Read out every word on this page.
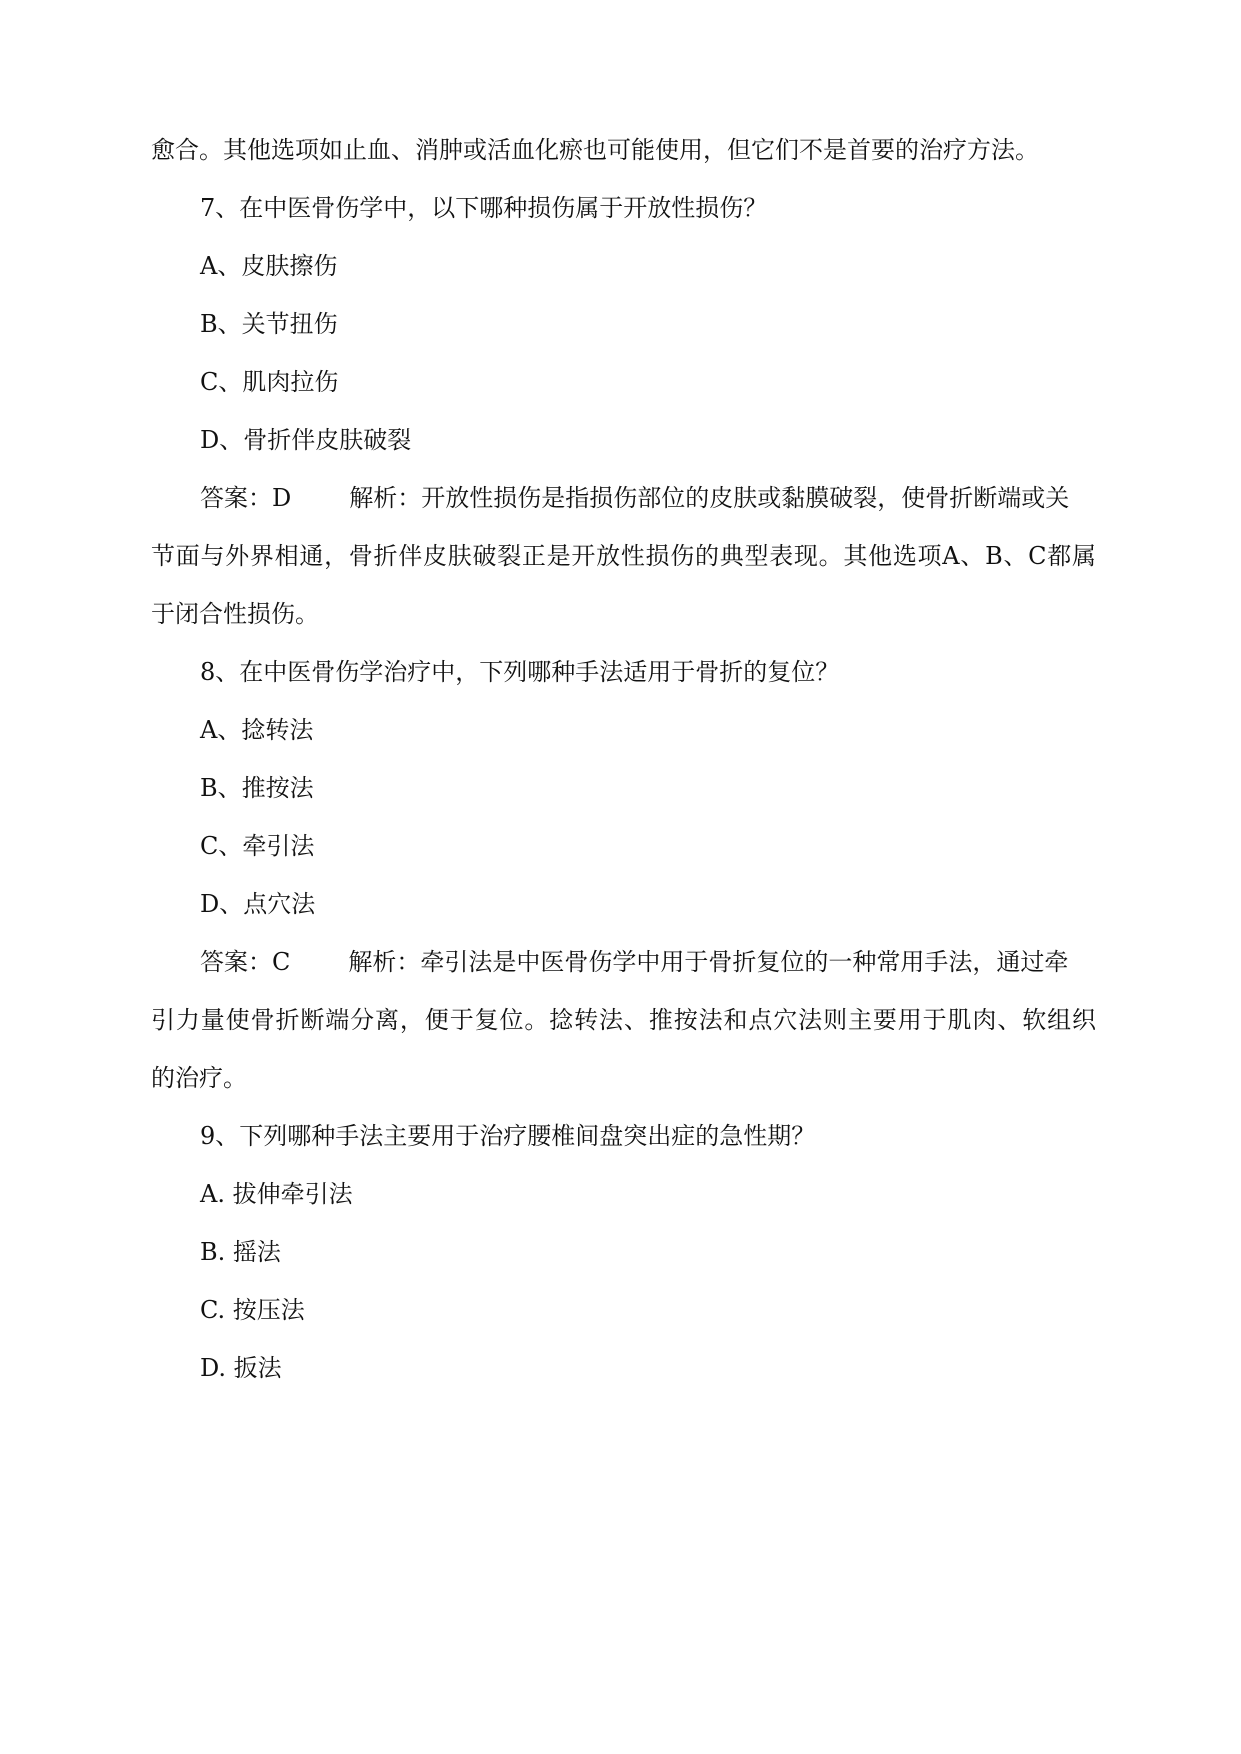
愈合。其他选项如止血、消肿或活血化瘀也可能使用，但它们不是首要的治疗方法。
7、在中医骨伤学中，以下哪种损伤属于开放性损伤？
A、皮肤擦伤
B、关节扭伤
C、肌肉拉伤
D、骨折伴皮肤破裂
答案：D 解析：开放性损伤是指损伤部位的皮肤或黏膜破裂，使骨折断端或关
节面与外界相通，骨折伴皮肤破裂正是开放性损伤的典型表现。其他选项A、B、C都属
于闭合性损伤。
8、在中医骨伤学治疗中，下列哪种手法适用于骨折的复位？
A、捻转法
B、推按法
C、牵引法
D、点穴法
答案：C 解析：牵引法是中医骨伤学中用于骨折复位的一种常用手法，通过牵
引力量使骨折断端分离，便于复位。捻转法、推按法和点穴法则主要用于肌肉、软组织
的治疗。
9、下列哪种手法主要用于治疗腰椎间盘突出症的急性期？
A. 拔伸牵引法
B. 摇法
C. 按压法
D. 扳法
